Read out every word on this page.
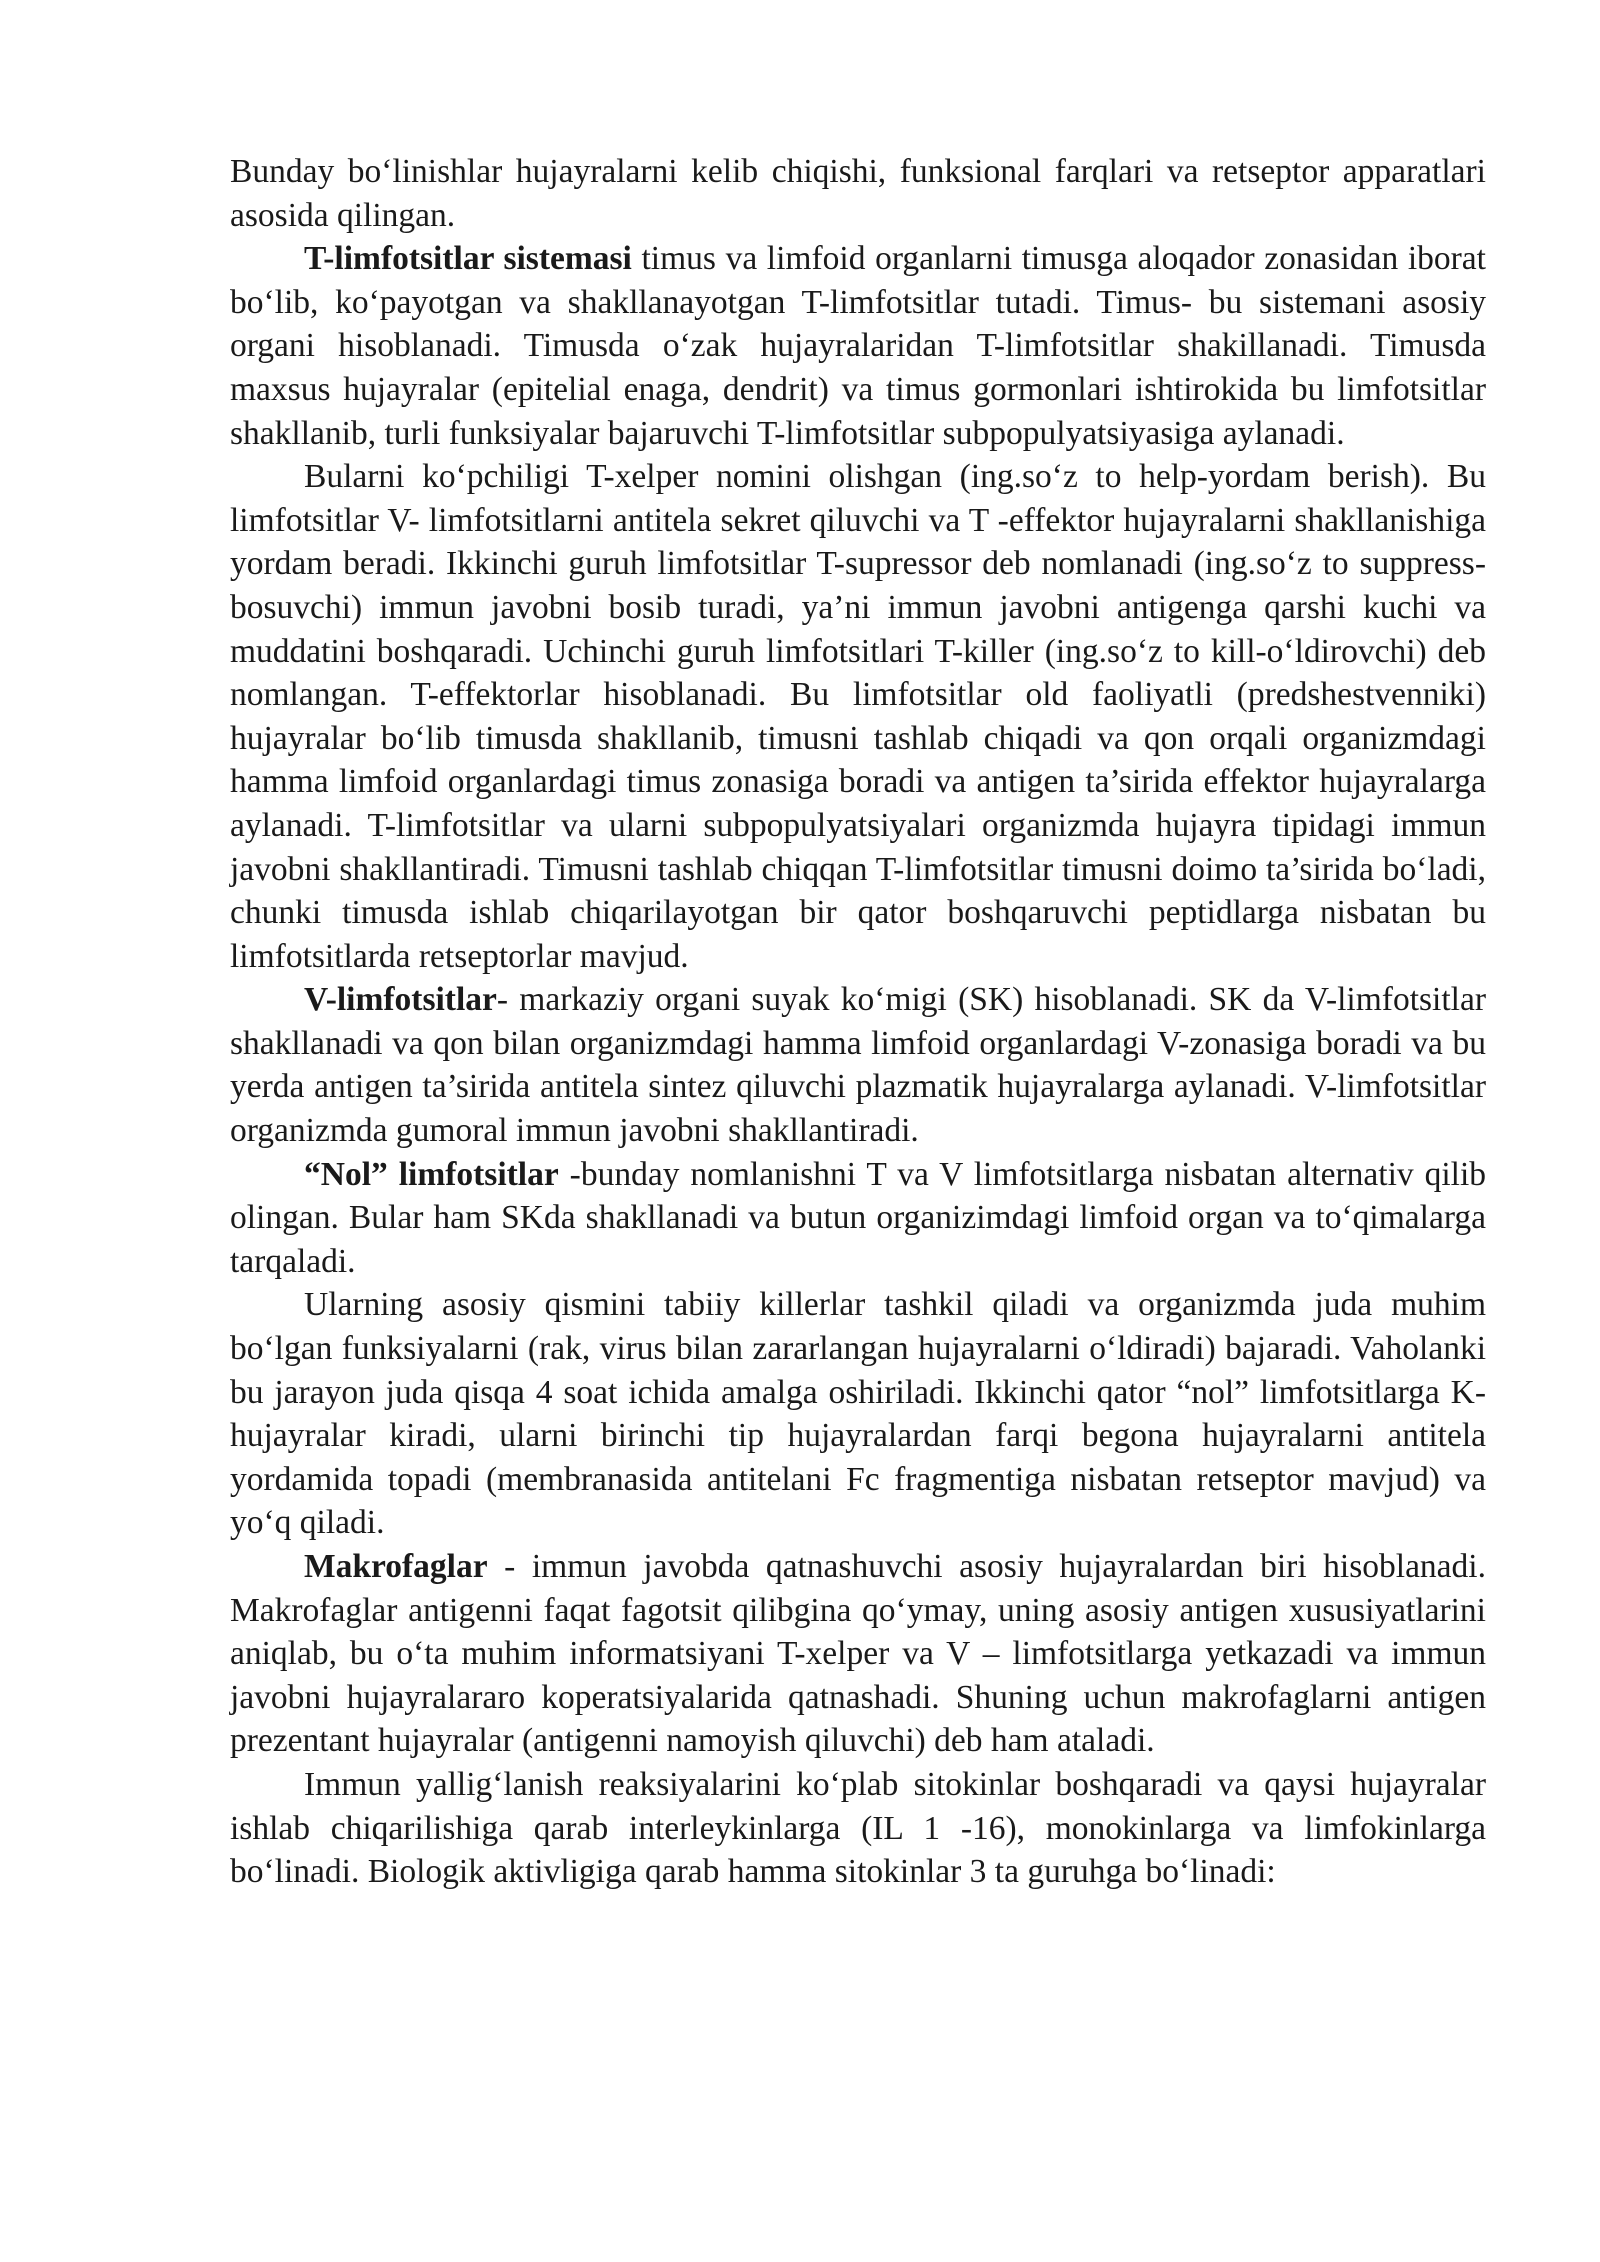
Bunday bo‘linishlar hujayralarni kelib chiqishi, funksional farqlari va retseptor apparatlari asosida qilingan.

T-limfotsitlar sistemasi timus va limfoid organlarni timusga aloqador zonasidan iborat bo‘lib, ko‘payotgan va shakllanayotgan T-limfotsitlar tutadi. Timus- bu sistemani asosiy organi hisoblanadi. Timusda o‘zak hujayralaridan T-limfotsitlar shakillanadi. Timusda maxsus hujayralar (epitelial enaga, dendrit) va timus gormonlari ishtirokida bu limfotsitlar shakllanib, turli funksiyalar bajaruvchi T-limfotsitlar subpopulyatsiyasiga aylanadi.

Bularni ko‘pchiligi T-xelper nomini olishgan (ing.so‘z to help-yordam berish). Bu limfotsitlar V- limfotsitlarni antitela sekret qiluvchi va T -effektor hujayralarni shakllanishiga yordam beradi. Ikkinchi guruh limfotsitlar T-supressor deb nomlanadi (ing.so‘z to suppress-bosuvchi) immun javobni bosib turadi, ya’ni immun javobni antigenga qarshi kuchi va muddatini boshqaradi. Uchinchi guruh limfotsitlari T-killer (ing.so‘z to kill-o‘ldirovchi) deb nomlangan. T-effektorlar hisoblanadi. Bu limfotsitlar old faoliyatli (predshestvenniki) hujayralar bo‘lib timusda shakllanib, timusni tashlab chiqadi va qon orqali organizmdagi hamma limfoid organlardagi timus zonasiga boradi va antigen ta’sirida effektor hujayralarga aylanadi. T-limfotsitlar va ularni subpopulyatsiyalari organizmda hujayra tipidagi immun javobni shakllantiradi. Timusni tashlab chiqqan T-limfotsitlar timusni doimo ta’sirida bo‘ladi, chunki timusda ishlab chiqarilayotgan bir qator boshqaruvchi peptidlarga nisbatan bu limfotsitlarda retseptorlar mavjud.

V-limfotsitlar- markaziy organi suyak ko‘migi (SK) hisoblanadi. SK da V-limfotsitlar shakllanadi va qon bilan organizmdagi hamma limfoid organlardagi V-zonasiga boradi va bu yerda antigen ta’sirida antitela sintez qiluvchi plazmatik hujayralarga aylanadi. V-limfotsitlar organizmda gumoral immun javobni shakllantiradi.

“Nol” limfotsitlar -bunday nomlanishni T va V limfotsitlarga nisbatan alternativ qilib olingan. Bular ham SKda shakllanadi va butun organizimdagi limfoid organ va to‘qimalarga tarqaladi.

Ularning asosiy qismini tabiiy killerlar tashkil qiladi va organizmda juda muhim bo‘lgan funksiyalarni (rak, virus bilan zararlangan hujayralarni o‘ldiradi) bajaradi. Vaholanki bu jarayon juda qisqa 4 soat ichida amalga oshiriladi. Ikkinchi qator “nol” limfotsitlarga K-hujayralar kiradi, ularni birinchi tip hujayralardan farqi begona hujayralarni antitela yordamida topadi (membranasida antitelani Fc fragmentiga nisbatan retseptor mavjud) va yo‘q qiladi.

Makrofaglar - immun javobda qatnashuvchi asosiy hujayralardan biri hisoblanadi. Makrofaglar antigenni faqat fagotsit qilibgina qo‘ymay, uning asosiy antigen xususiyatlarini aniqlab, bu o‘ta muhim informatsiyani T-xelper va V – limfotsitlarga yetkazadi va immun javobni hujayralararo koperatsiyalarida qatnashadi. Shuning uchun makrofaglarni antigen prezentant hujayralar (antigenni namoyish qiluvchi) deb ham ataladi.

Immun yallig‘lanish reaksiyalarini ko‘plab sitokinlar boshqaradi va qaysi hujayralar ishlab chiqarilishiga qarab interleykinlarga (IL 1 -16), monokinlarga va limfokinlarga bo‘linadi. Biologik aktivligiga qarab hamma sitokinlar 3 ta guruhga bo‘linadi:
